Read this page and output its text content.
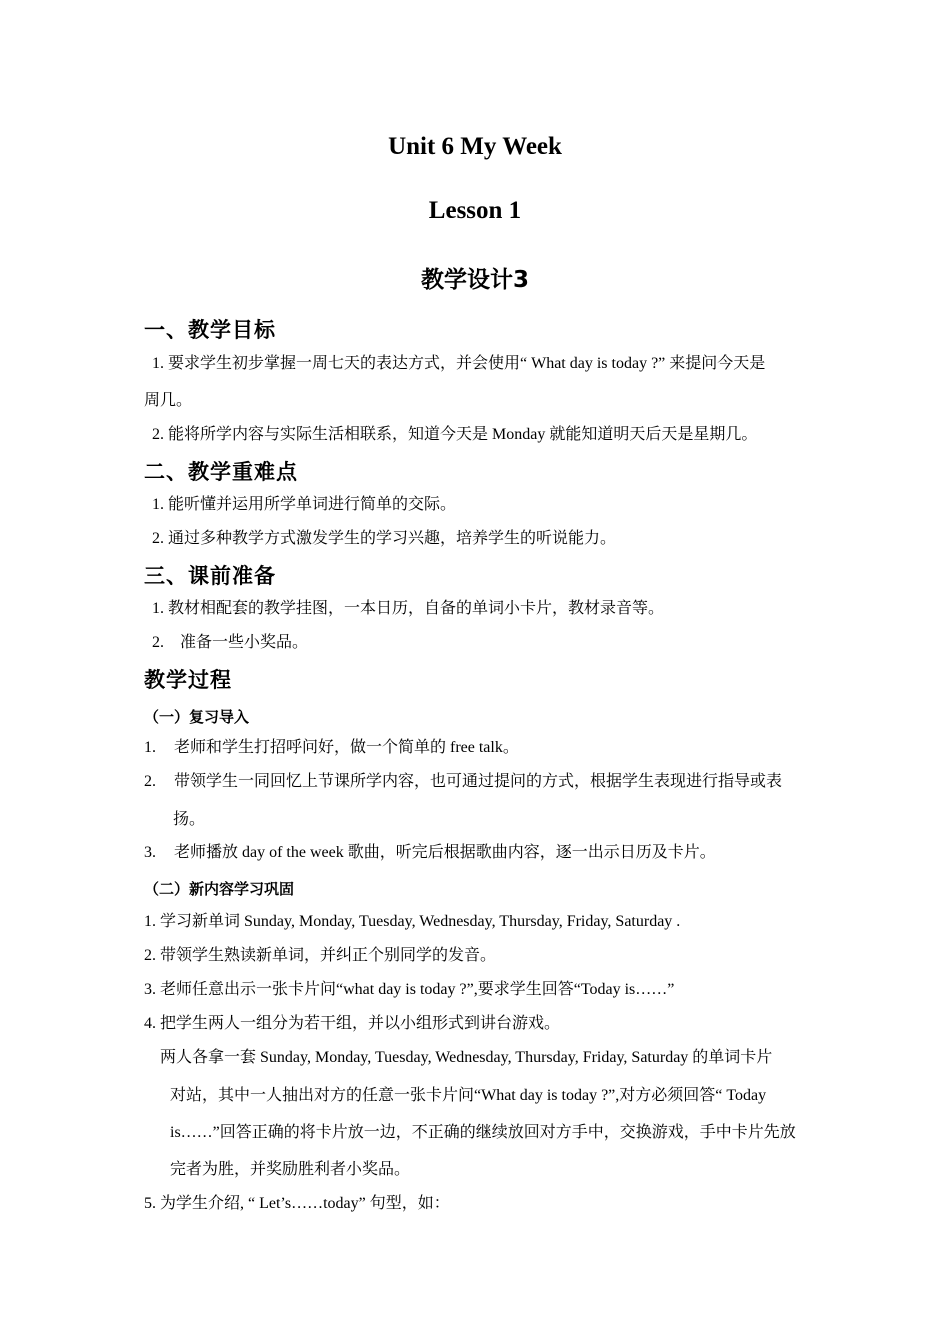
Unit 6 My Week
Lesson 1
教学设计3
一、教学目标
1. 要求学生初步掌握一周七天的表达方式，并会使用“ What day is today ?” 来提问今天是
周几。
2. 能将所学内容与实际生活相联系，知道今天是 Monday 就能知道明天后天是星期几。
二、教学重难点
1. 能听懂并运用所学单词进行简单的交际。
2. 通过多种教学方式激发学生的学习兴趣，培养学生的听说能力。
三、课前准备
1. 教材相配套的教学挂图，一本日历，自备的单词小卡片，教材录音等。
2.    准备一些小奖品。
教学过程
（一）复习导入
1. 老师和学生打招呼问好，做一个简单的 free talk。
2. 带领学生一同回忆上节课所学内容，也可通过提问的方式，根据学生表现进行指导或表
扬。
3. 老师播放 day of the week 歌曲，听完后根据歌曲内容，逐一出示日历及卡片。
（二）新内容学习巩固
1. 学习新单词 Sunday, Monday, Tuesday, Wednesday, Thursday, Friday, Saturday .
2. 带领学生熟读新单词，并纠正个别同学的发音。
3. 老师任意出示一张卡片问“what day is today ?”,要求学生回答“Today is……”
4. 把学生两人一组分为若干组，并以小组形式到讲台游戏。
两人各拿一套 Sunday, Monday, Tuesday, Wednesday, Thursday, Friday, Saturday 的单词卡片
对站，其中一人抽出对方的任意一张卡片问“What day is today ?”,对方必须回答“ Today
is……”回答正确的将卡片放一边，不正确的继续放回对方手中，交换游戏，手中卡片先放
完者为胜，并奖励胜利者小奖品。
5. 为学生介绍, “ Let’s……today” 句型，如：
